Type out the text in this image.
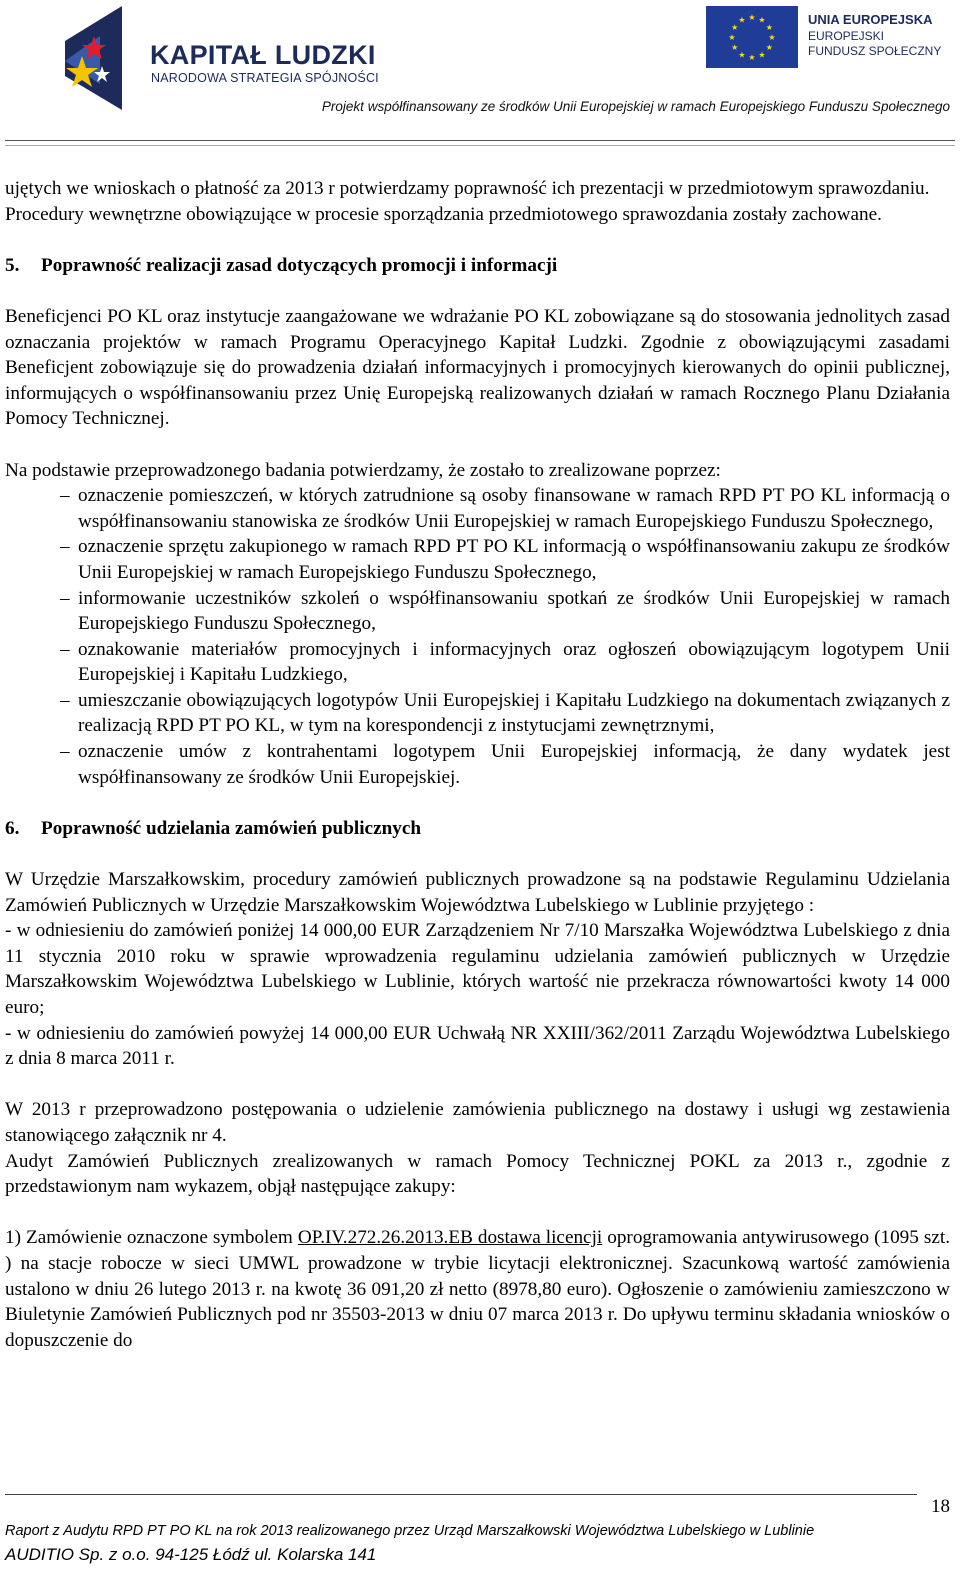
KAPITAŁ LUDZKI
NARODOWA STRATEGIA SPÓJNOŚCI
★ ★
★
★
★
★
★
★
★
★
★
★	UNIA EUROPEJSKA
EUROPEJSKI
FUNDUSZ SPOŁECZNY
Projekt współfinansowany ze środków Unii Europejskiej w ramach Europejskiego Funduszu Społecznego

ujętych we wnioskach o płatność za 2013 r potwierdzamy poprawność ich prezentacji w przedmiotowym sprawozdaniu.

Procedury wewnętrzne obowiązujące w procesie sporządzania przedmiotowego sprawozdania zostały zachowane.

5. Poprawność realizacji zasad dotyczących promocji i informacji

Beneficjenci PO KL oraz instytucje zaangażowane we wdrażanie PO KL zobowiązane są do stosowania jednolitych zasad oznaczania projektów w ramach Programu Operacyjnego Kapitał Ludzki. Zgodnie z obowiązującymi zasadami Beneficjent zobowiązuje się do prowadzenia działań informacyjnych i promocyjnych kierowanych do opinii publicznej, informujących o współfinansowaniu przez Unię Europejską realizowanych działań w ramach Rocznego Planu Działania Pomocy Technicznej.

Na podstawie przeprowadzonego badania potwierdzamy, że zostało to zrealizowane poprzez:

– oznaczenie pomieszczeń, w których zatrudnione są osoby finansowane w ramach RPD PT PO KL informacją o współfinansowaniu stanowiska ze środków Unii Europejskiej w ramach Europejskiego Funduszu Społecznego,
– oznaczenie sprzętu zakupionego w ramach RPD PT PO KL informacją o współfinansowaniu zakupu ze środków Unii Europejskiej w ramach Europejskiego Funduszu Społecznego,
– informowanie uczestników szkoleń o współfinansowaniu spotkań ze środków Unii Europejskiej w ramach Europejskiego Funduszu Społecznego,
– oznakowanie materiałów promocyjnych i informacyjnych oraz ogłoszeń obowiązującym logotypem Unii Europejskiej i Kapitału Ludzkiego,
– umieszczanie obowiązujących logotypów Unii Europejskiej i Kapitału Ludzkiego na dokumentach związanych z realizacją RPD PT PO KL, w tym na korespondencji z instytucjami zewnętrznymi,
– oznaczenie umów z kontrahentami logotypem Unii Europejskiej informacją, że dany wydatek jest współfinansowany ze środków Unii Europejskiej.

6. Poprawność udzielania zamówień publicznych

W Urzędzie Marszałkowskim, procedury zamówień publicznych prowadzone są na podstawie Regulaminu Udzielania Zamówień Publicznych w Urzędzie Marszałkowskim Województwa Lubelskiego w Lublinie przyjętego :

- w odniesieniu do zamówień poniżej 14 000,00 EUR Zarządzeniem Nr 7/10 Marszałka Województwa Lubelskiego z dnia 11 stycznia 2010 roku w sprawie wprowadzenia regulaminu udzielania zamówień publicznych w Urzędzie Marszałkowskim Województwa Lubelskiego w Lublinie, których wartość nie przekracza równowartości kwoty 14 000 euro;

- w odniesieniu do zamówień powyżej 14 000,00 EUR Uchwałą NR XXIII/362/2011 Zarządu Województwa Lubelskiego z dnia 8 marca 2011 r.

W 2013 r przeprowadzono postępowania o udzielenie zamówienia publicznego na dostawy i usługi wg zestawienia stanowiącego załącznik nr 4.

Audyt Zamówień Publicznych zrealizowanych w ramach Pomocy Technicznej POKL za 2013 r., zgodnie z przedstawionym nam wykazem, objął następujące zakupy:

1) Zamówienie oznaczone symbolem OP.IV.272.26.2013.EB dostawa licencji oprogramowania antywirusowego (1095 szt. ) na stacje robocze w sieci UMWL prowadzone w trybie licytacji elektronicznej. Szacunkową wartość zamówienia ustalono w dniu 26 lutego 2013 r. na kwotę 36 091,20 zł netto (8978,80 euro). Ogłoszenie o zamówieniu zamieszczono w Biuletynie Zamówień Publicznych pod nr 35503-2013 w dniu 07 marca 2013 r. Do upływu terminu składania wniosków o dopuszczenie do

18
Raport z Audytu RPD PT PO KL na rok 2013 realizowanego przez Urząd Marszałkowski Województwa Lubelskiego w Lublinie
AUDITIO Sp. z o.o. 94-125 Łódź ul. Kolarska 141
